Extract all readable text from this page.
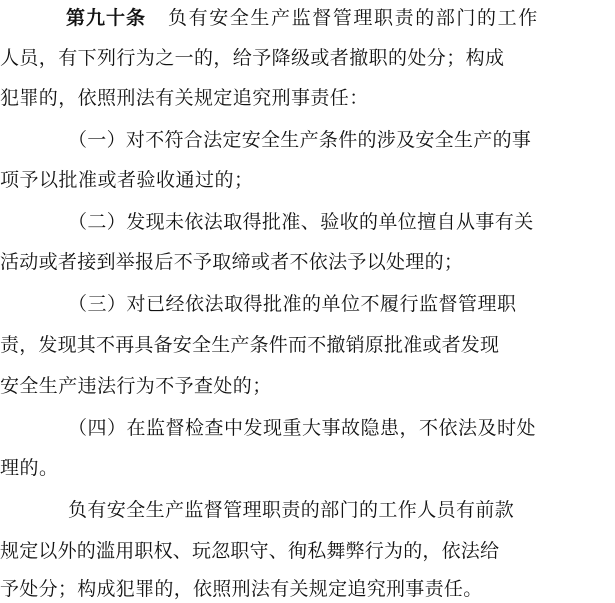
第九十条 负有安全生产监督管理职责的部门的工作
人员，有下列行为之一的，给予降级或者撤职的处分；构成
犯罪的，依照刑法有关规定追究刑事责任：
（一）对不符合法定安全生产条件的涉及安全生产的事
项予以批准或者验收通过的；
（二）发现未依法取得批准、验收的单位擅自从事有关
活动或者接到举报后不予取缔或者不依法予以处理的；
（三）对已经依法取得批准的单位不履行监督管理职
责，发现其不再具备安全生产条件而不撤销原批准或者发现
安全生产违法行为不予查处的；
（四）在监督检查中发现重大事故隐患，不依法及时处
理的。
负有安全生产监督管理职责的部门的工作人员有前款
规定以外的滥用职权、玩忽职守、徇私舞弊行为的，依法给
予处分；构成犯罪的，依照刑法有关规定追究刑事责任。
